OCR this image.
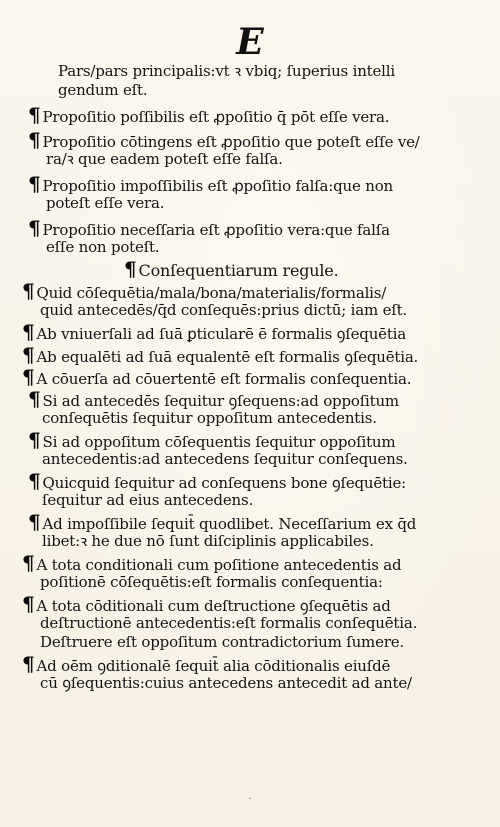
E
Pars/pars principalis:vt ꝛ vbiq; ſuperius intelli
gendum eſt.
¶ Propoſitio poſſibilis eſt ꝓpoſitio q̄ pōt eſſe vera.
¶ Propoſitio cōtingens eſt ꝓpoſitio que poteſt eſſe ve/
ra/ꝛ que eadem poteſt eſſe falſa.
¶ Propoſitio impoſſibilis eſt ꝓpoſitio falſa:que non
poteſt eſſe vera.
¶ Propoſitio neceſſaria eſt ꝓpoſitio vera:que falſa
eſſe non poteſt.
¶ Conſequentiarum regule.
¶ Quid cōſequētia/mala/bona/materialis/formalis/
quid antecedēs/q̄d conſequēs:prius dictū; iam eſt.
¶ Ab vniuerſali ad ſuā ꝑticularē ē formalis ꝯſequētia
¶ Ab equalēti ad ſuā equalentē eſt formalis ꝯſequētia.
¶ A cōuerſa ad cōuertentē eſt formalis conſequentia.
¶ Si ad antecedēs ſequitur ꝯſequens:ad oppoſitum
conſequētis ſequitur oppoſitum antecedentis.
¶ Si ad oppoſitum cōſequentis ſequitur oppoſitum
antecedentis:ad antecedens ſequitur conſequens.
¶ Quicquid ſequitur ad conſequens bone ꝯſequētie:
ſequitur ad eius antecedens.
¶ Ad impoſſibile ſequit̄ quodlibet. Neceſſarium ex q̄d
libet:ꝛ he due nō ſunt diſciplinis applicabiles.
¶ A tota conditionali cum poſitione antecedentis ad
poſitionē cōſequētis:eſt formalis conſequentia:
¶ A tota cōditionali cum deſtructione ꝯſequētis ad
deſtructionē antecedentis:eſt formalis conſequētia.
Deſtruere eſt oppoſitum contradictorium ſumere.
¶ Ad oēm ꝯditionalē ſequit̄ alia cōditionalis eiuſdē
cū ꝯſequentis:cuius antecedens antecedit ad ante/
·
